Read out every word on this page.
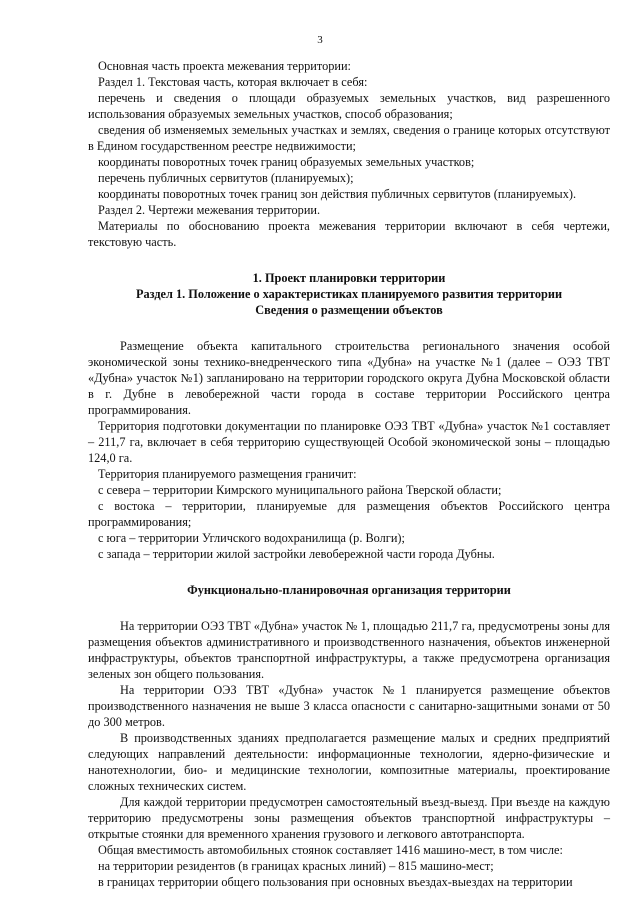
3

Основная часть проекта межевания территории:

Раздел 1. Текстовая часть, которая включает в себя:

перечень и сведения о площади образуемых земельных участков, вид разрешенного использования образуемых земельных участков, способ образования;

сведения об изменяемых земельных участках и землях, сведения о границе которых отсутствуют в Едином государственном реестре недвижимости;

координаты поворотных точек границ образуемых земельных участков;

перечень публичных сервитутов (планируемых);

координаты поворотных точек границ зон действия публичных сервитутов (планируемых).

Раздел 2. Чертежи межевания территории.

Материалы по обоснованию проекта межевания территории включают в себя чертежи, текстовую часть.

1. Проект планировки территории

Раздел 1. Положение о характеристиках планируемого развития территории

Сведения о размещении объектов

Размещение объекта капитального строительства регионального значения особой экономической зоны технико-внедренческого типа «Дубна» на участке №1 (далее – ОЭЗ ТВТ «Дубна» участок №1) запланировано на территории городского округа Дубна Московской области в г. Дубне в левобережной части города в составе территории Российского центра программирования.

Территория подготовки документации по планировке ОЭЗ ТВТ «Дубна» участок №1 составляет – 211,7 га, включает в себя территорию существующей Особой экономической зоны – площадью 124,0 га.

Территория планируемого размещения граничит:

с севера – территории Кимрского муниципального района Тверской области;

с востока – территории, планируемые для размещения объектов Российского центра программирования;

с юга – территории Угличского водохранилища (р. Волги);

с запада – территории жилой застройки левобережной части города Дубны.

Функционально-планировочная организация территории

На территории ОЭЗ ТВТ «Дубна» участок № 1, площадью 211,7 га, предусмотрены зоны для размещения объектов административного и производственного назначения, объектов инженерной инфраструктуры, объектов транспортной инфраструктуры, а также предусмотрена организация зеленых зон общего пользования.

На территории ОЭЗ ТВТ «Дубна» участок №1 планируется размещение объектов производственного назначения не выше 3 класса опасности с санитарно-защитными зонами от 50 до 300 метров.

В производственных зданиях предполагается размещение малых и средних предприятий следующих направлений деятельности: информационные технологии, ядерно-физические и нанотехнологии, био- и медицинские технологии, композитные материалы, проектирование сложных технических систем.

Для каждой территории предусмотрен самостоятельный въезд-выезд. При въезде на каждую территорию предусмотрены зоны размещения объектов транспортной инфраструктуры – открытые стоянки для временного хранения грузового и легкового автотранспорта.

Общая вместимость автомобильных стоянок составляет 1416 машино-мест, в том числе:

на территории резидентов (в границах красных линий) – 815 машино-мест;

в границах территории общего пользования при основных въездах-выездах на территории
